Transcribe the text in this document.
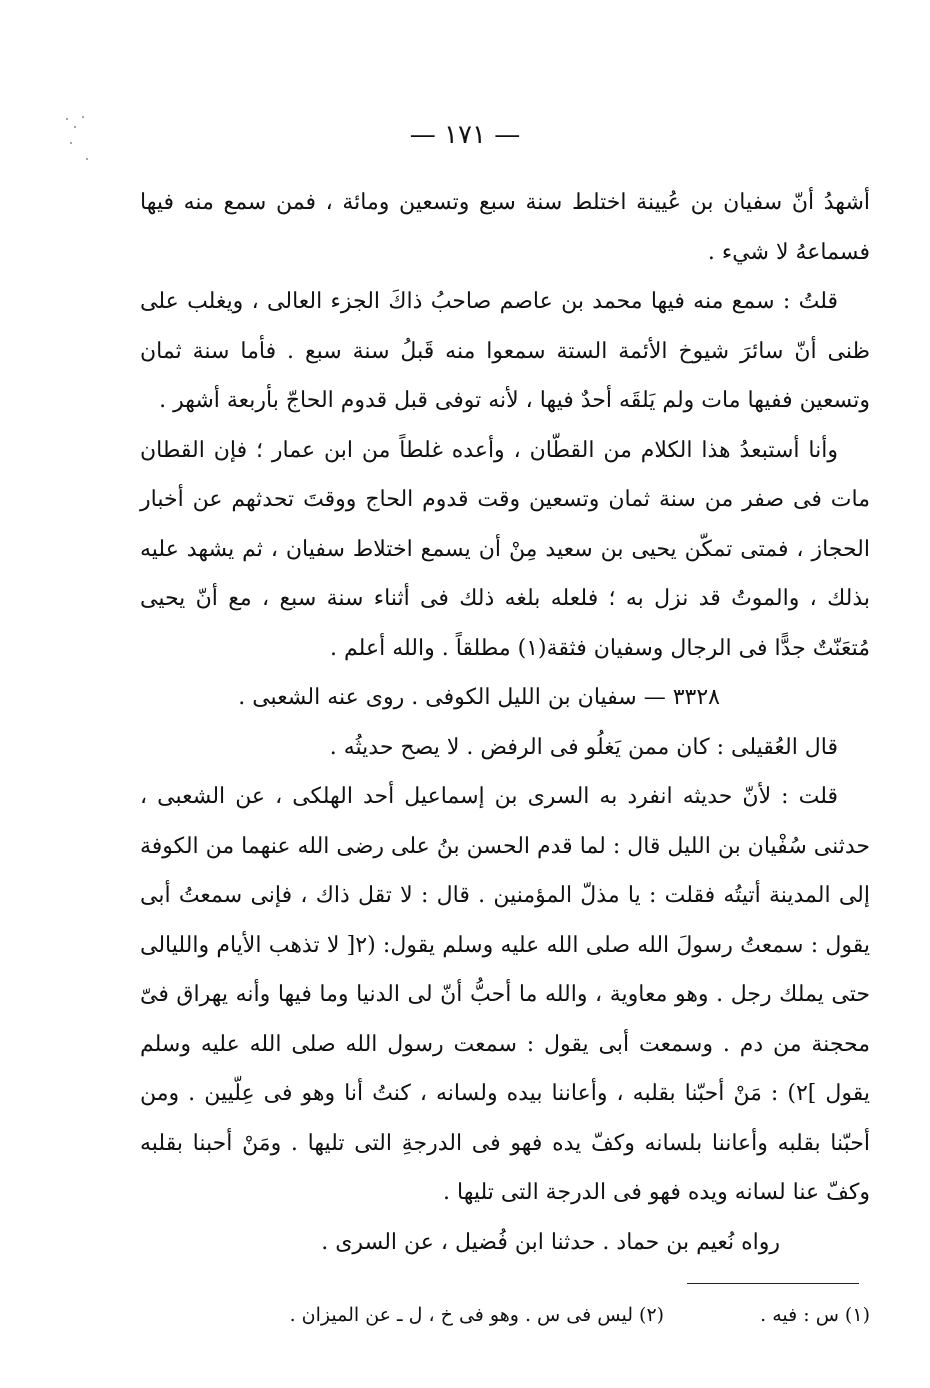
— ١٧١ —

أشهدُ أنّ سفيان بن عُيينة اختلط سنة سبع وتسعين ومائة ، فمن سمع منه فيها فسماعهُ لا شيء .

قلتُ : سمع منه فيها محمد بن عاصم صاحبُ ذاكَ الجزء العالى ، ويغلب على ظنى أنّ سائرَ شيوخ الأئمة الستة سمعوا منه قَبلُ سنة سبع . فأما سنة ثمان وتسعين ففيها مات ولم يَلقَه أحدٌ فيها ، لأنه توفى قبل قدوم الحاجّ بأربعة أشهر .

وأنا أستبعدُ هذا الكلام من القطّان ، وأعده غلطاً من ابن عمار ؛ فإن القطان مات فى صفر من سنة ثمان وتسعين وقت قدوم الحاج ووقتَ تحدثهم عن أخبار الحجاز ، فمتى تمكّن يحيى بن سعيد مِنْ أن يسمع اختلاط سفيان ، ثم يشهد عليه بذلك ، والموتُ قد نزل به ؛ فلعله بلغه ذلك فى أثناء سنة سبع ، مع أنّ يحيى مُتعَنّتٌ جدًّا فى الرجال وسفيان فثقة(١) مطلقاً . والله أعلم .

٣٣٢٨ — سفيان بن الليل الكوفى . روى عنه الشعبى .

قال العُقيلى : كان ممن يَغلُو فى الرفض . لا يصح حديثُه .

قلت : لأنّ حديثه انفرد به السرى بن إسماعيل أحد الهلكى ، عن الشعبى ، حدثنى سُفْيان بن الليل قال : لما قدم الحسن بنُ على رضى الله عنهما من الكوفة إلى المدينة أتيتُه فقلت : يا مذلّ المؤمنين . قال : لا تقل ذاك ، فإنى سمعتُ أبى يقول : سمعتُ رسولَ الله صلى الله عليه وسلم يقول: (٢[ لا تذهب الأيام والليالى حتى يملك رجل . وهو معاوية ، والله ما أحبُّ أنّ لى الدنيا وما فيها وأنه يهراق فىّ محجنة من دم . وسمعت أبى يقول : سمعت رسول الله صلى الله عليه وسلم يقول ]٢) : مَنْ أحبّنا بقلبه ، وأعاننا بيده ولسانه ، كنتُ أنا وهو فى عِلّيين . ومن أحبّنا بقلبه وأعاننا بلسانه وكفّ يده فهو فى الدرجةِ التى تليها . ومَنْ أحبنا بقلبه وكفّ عنا لسانه ويده فهو فى الدرجة التى تليها .

رواه نُعيم بن حماد . حدثنا ابن فُضيل ، عن السرى .

(١) س : فيه . (٢) ليس فى س . وهو فى خ ، ل ـ عن الميزان .
